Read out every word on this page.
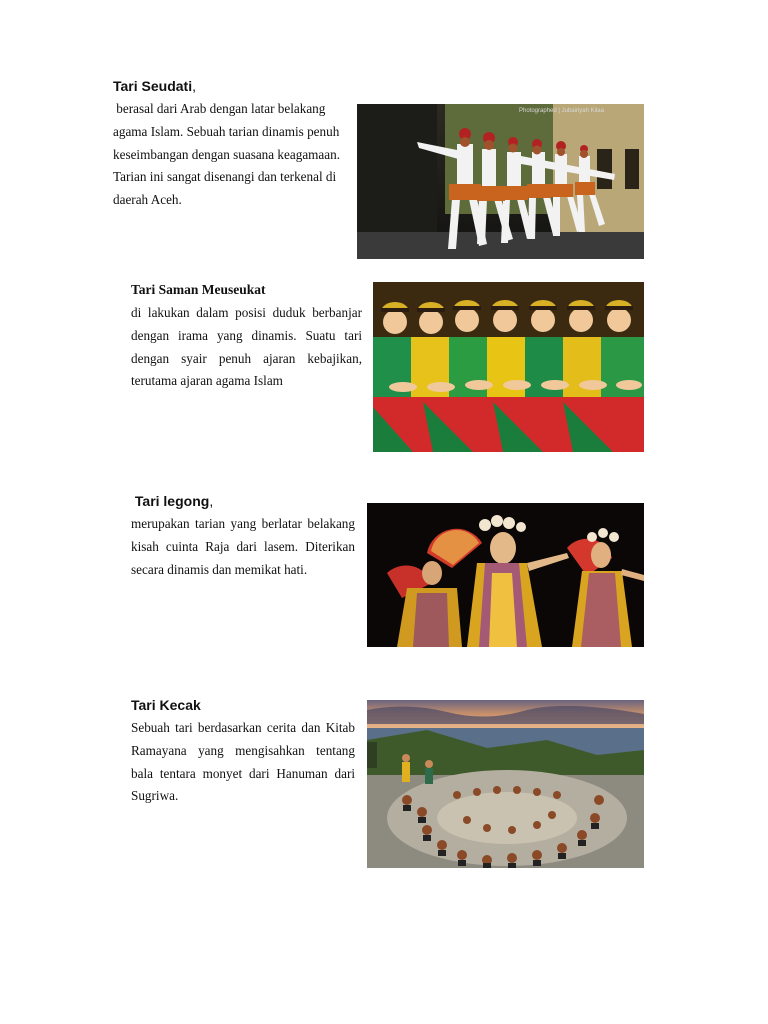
Tari Seudati,
berasal dari Arab dengan latar belakang agama Islam. Sebuah tarian dinamis penuh keseimbangan dengan suasana keagamaan. Tarian ini sangat disenangi dan terkenal di daerah Aceh.
Photographed | Jubairiyah Kilaa
Tari Saman Meuseukat
di lakukan dalam posisi duduk berbanjar dengan irama yang dinamis. Suatu tari dengan syair penuh ajaran kebajikan, terutama ajaran agama Islam
Tari legong,
merupakan tarian yang berlatar belakang kisah cuinta Raja dari lasem. Diterikan secara dinamis dan memikat hati.
Tari Kecak
Sebuah tari berdasarkan cerita dan Kitab Ramayana yang mengisahkan tentang bala tentara monyet dari Hanuman dari Sugriwa.
